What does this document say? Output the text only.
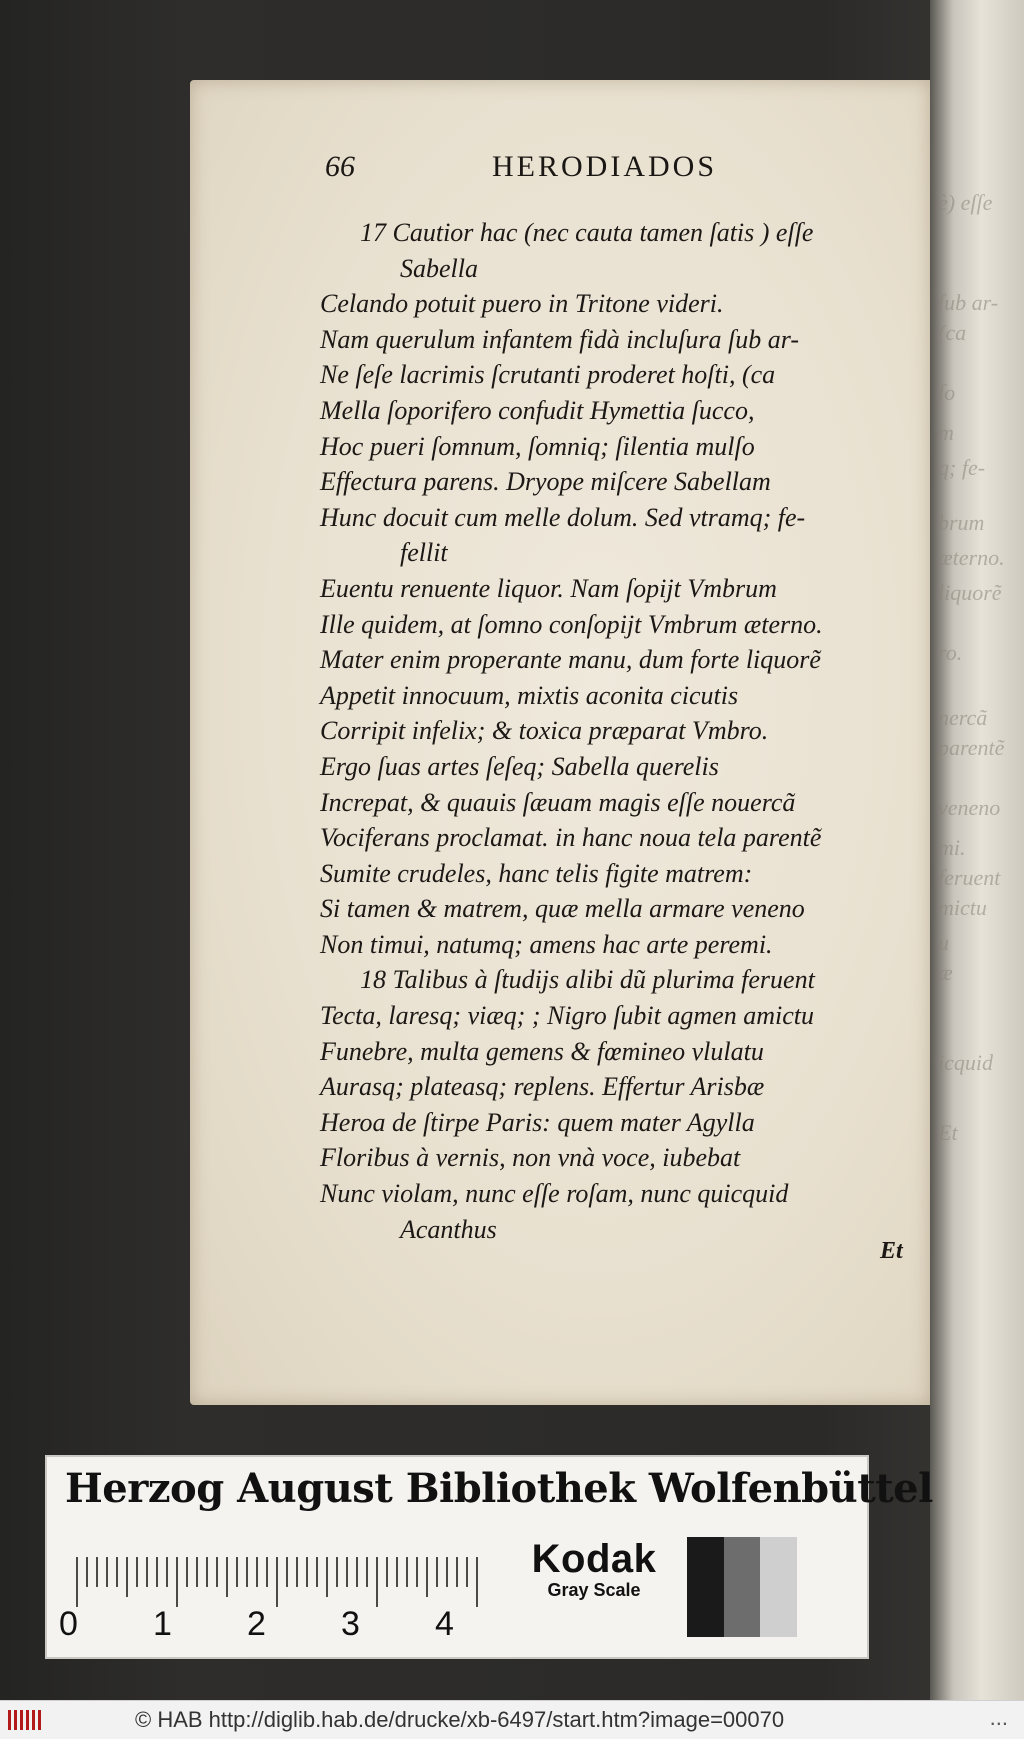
è) eſſe
ſub ar-
(ca
ſo
m
q; fe-
brum
æterno.
liquorẽ
ro.
nercã
parentẽ
veneno
mi.
feruent
mictu
u
æ
icquid
Et
66	HERODIADOS
17 Cautior hac (nec cauta tamen ſatis ) eſſe
Sabella
Celando potuit puero in Tritone videri.
Nam querulum infantem fidà incluſura ſub ar-
Ne ſeſe lacrimis ſcrutanti proderet hoſti, (ca
Mella ſoporifero confudit Hymettia ſucco,
Hoc pueri ſomnum, ſomniq; ſilentia mulſo
Effectura parens. Dryope miſcere Sabellam
Hunc docuit cum melle dolum. Sed vtramq; fe-
fellit
Euentu renuente liquor. Nam ſopijt Vmbrum
Ille quidem, at ſomno conſopijt Vmbrum æterno.
Mater enim properante manu, dum forte liquorẽ
Appetit innocuum, mixtis aconita cicutis
Corripit infelix; & toxica præparat Vmbro.
Ergo ſuas artes ſeſeq; Sabella querelis
Increpat, & quauis ſæuam magis eſſe nouercã
Vociferans proclamat. in hanc noua tela parentẽ
Sumite crudeles, hanc telis figite matrem:
Si tamen & matrem, quæ mella armare veneno
Non timui, natumq; amens hac arte peremi.
18 Talibus à ſtudijs alibi dũ plurima feruent
Tecta, laresq; viæq; ; Nigro ſubit agmen amictu
Funebre, multa gemens & fœmineo vlulatu
Aurasq; plateasq; replens. Effertur Arisbæ
Heroa de ſtirpe Paris: quem mater Agylla
Floribus à vernis, non vnà voce, iubebat
Nunc violam, nunc eſſe roſam, nunc quicquid
Acanthus
Et
Herzog August Bibliothek Wolfenbüttel
0 1 2 3 4
Kodak
Gray Scale
© HAB http://diglib.hab.de/drucke/xb-6497/start.htm?image=00070	...
